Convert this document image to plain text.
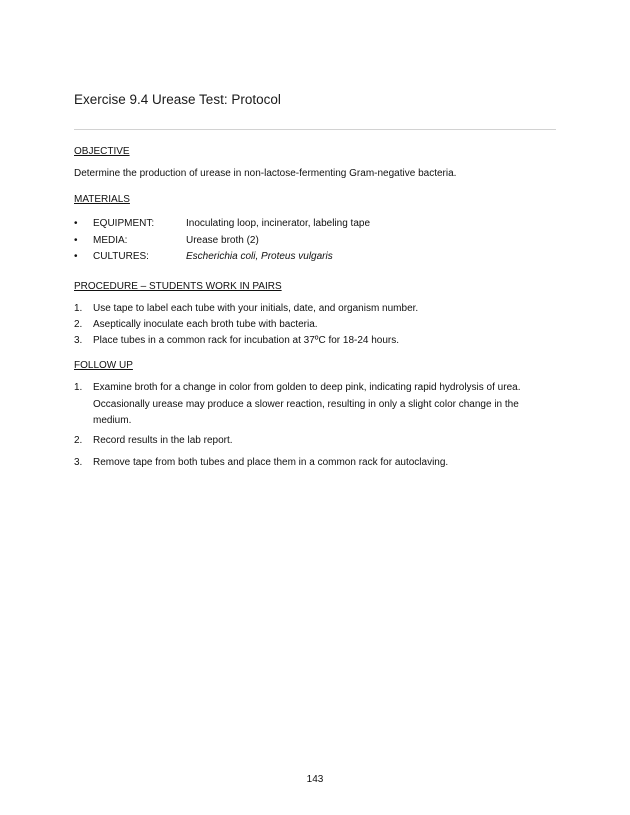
Exercise 9.4 Urease Test: Protocol
OBJECTIVE
Determine the production of urease in non-lactose-fermenting Gram-negative bacteria.
MATERIALS
•	EQUIPMENT:	Inoculating loop, incinerator, labeling tape
•	MEDIA:	Urease broth (2)
•	CULTURES:	Escherichia coli, Proteus vulgaris
PROCEDURE – STUDENTS WORK IN PAIRS
1.	Use tape to label each tube with your initials, date, and organism number.
2.	Aseptically inoculate each broth tube with bacteria.
3.	Place tubes in a common rack for incubation at 37ºC for 18-24 hours.
FOLLOW UP
1.	Examine broth for a change in color from golden to deep pink, indicating rapid hydrolysis of urea. Occasionally urease may produce a slower reaction, resulting in only a slight color change in the medium.
2.	Record results in the lab report.
3.	Remove tape from both tubes and place them in a common rack for autoclaving.
143
